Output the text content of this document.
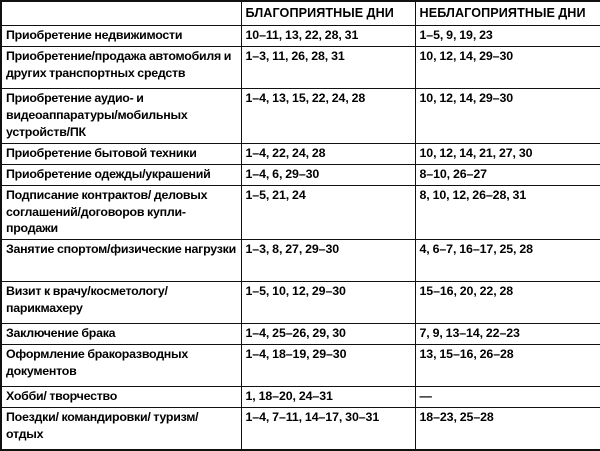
	БЛАГОПРИЯТНЫЕ ДНИ	НЕБЛАГОПРИЯТНЫЕ ДНИ
Приобретение недвижимости	10–11, 13, 22, 28, 31	1–5, 9, 19, 23
Приобретение/продажа автомобиля и других транспортных средств	1–3, 11, 26, 28, 31	10, 12, 14, 29–30
Приобретение аудио- и видеоаппаратуры/мобильных устройств/ПК	1–4, 13, 15, 22, 24, 28	10, 12, 14, 29–30
Приобретение бытовой техники	1–4, 22, 24, 28	10, 12, 14, 21, 27, 30
Приобретение одежды/украшений	1–4, 6, 29–30	8–10, 26–27
Подписание контрактов/ деловых соглашений/договоров купли-продажи	1–5, 21, 24	8, 10, 12, 26–28, 31
Занятие спортом/физические нагрузки	1–3, 8, 27, 29–30	4, 6–7, 16–17, 25, 28
Визит к врачу/косметологу/ парикмахеру	1–5, 10, 12, 29–30	15–16, 20, 22, 28
Заключение брака	1–4, 25–26, 29, 30	7, 9, 13–14, 22–23
Оформление бракоразводных документов	1–4, 18–19, 29–30	13, 15–16, 26–28
Хобби/ творчество	1, 18–20, 24–31	—
Поездки/ командировки/ туризм/ отдых	1–4, 7–11, 14–17, 30–31	18–23, 25–28
